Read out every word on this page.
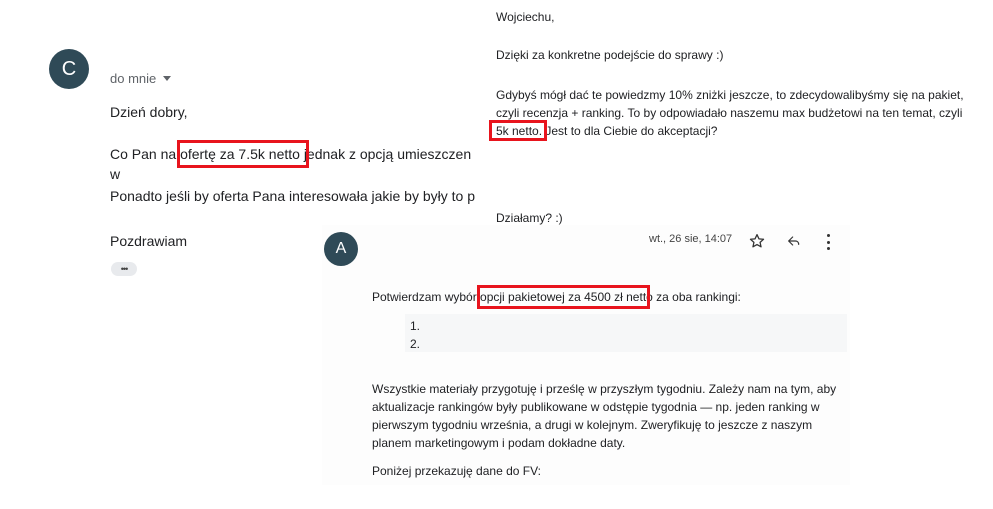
C	do mnie
Dzień dobry,
Co Pan na ofertę za 7.5k netto jednak z opcją umieszczen
w
Ponadto jeśli by oferta Pana interesowała jakie by były to p
Pozdrawiam
•••
Wojciechu,
Dzięki za konkretne podejście do sprawy :)
Gdybyś mógł dać te powiedzmy 10% zniżki jeszcze, to zdecydowalibyśmy się na pakiet,
czyli recenzja + ranking. To by odpowiadało naszemu max budżetowi na ten temat, czyli
5k netto. Jest to dla Ciebie do akceptacji?
Działamy? :)
A
wt., 26 sie, 14:07
Potwierdzam wybór opcji pakietowej za 4500 zł netto za oba rankingi:
1.
2.
Wszystkie materiały przygotuję i prześlę w przyszłym tygodniu. Zależy nam na tym, aby
aktualizacje rankingów były publikowane w odstępie tygodnia — np. jeden ranking w
pierwszym tygodniu września, a drugi w kolejnym. Zweryfikuję to jeszcze z naszym
planem marketingowym i podam dokładne daty.
Poniżej przekazuję dane do FV:
